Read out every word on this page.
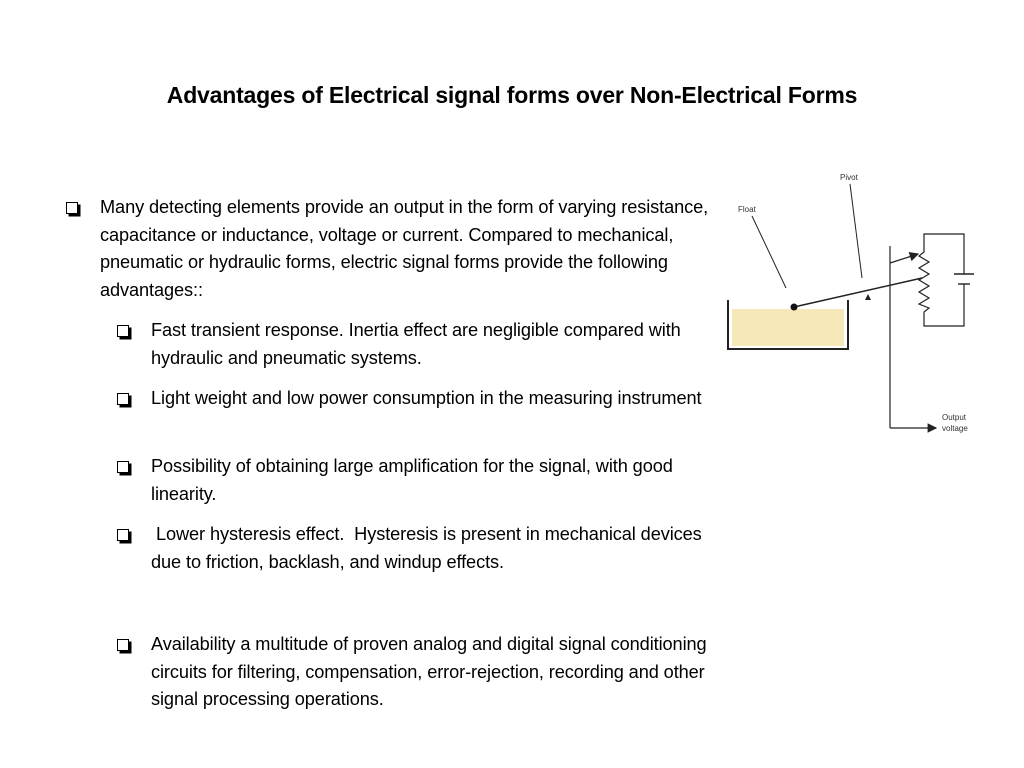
Advantages of Electrical signal forms over Non-Electrical Forms
Many detecting elements provide an output in the form of varying resistance, capacitance or inductance, voltage or current. Compared to mechanical, pneumatic or hydraulic forms, electric signal forms provide the following advantages::
Fast transient response. Inertia effect are negligible compared with hydraulic and pneumatic systems.
Light weight and low power consumption in the measuring instrument
Possibility of obtaining large amplification for the signal, with good linearity.
Lower hysteresis effect.  Hysteresis is present in mechanical devices due to friction, backlash, and windup effects.
Availability a multitude of proven analog and digital signal conditioning circuits for filtering, compensation, error-rejection, recording and other signal processing operations.
Float
Pivot
Output
voltage
